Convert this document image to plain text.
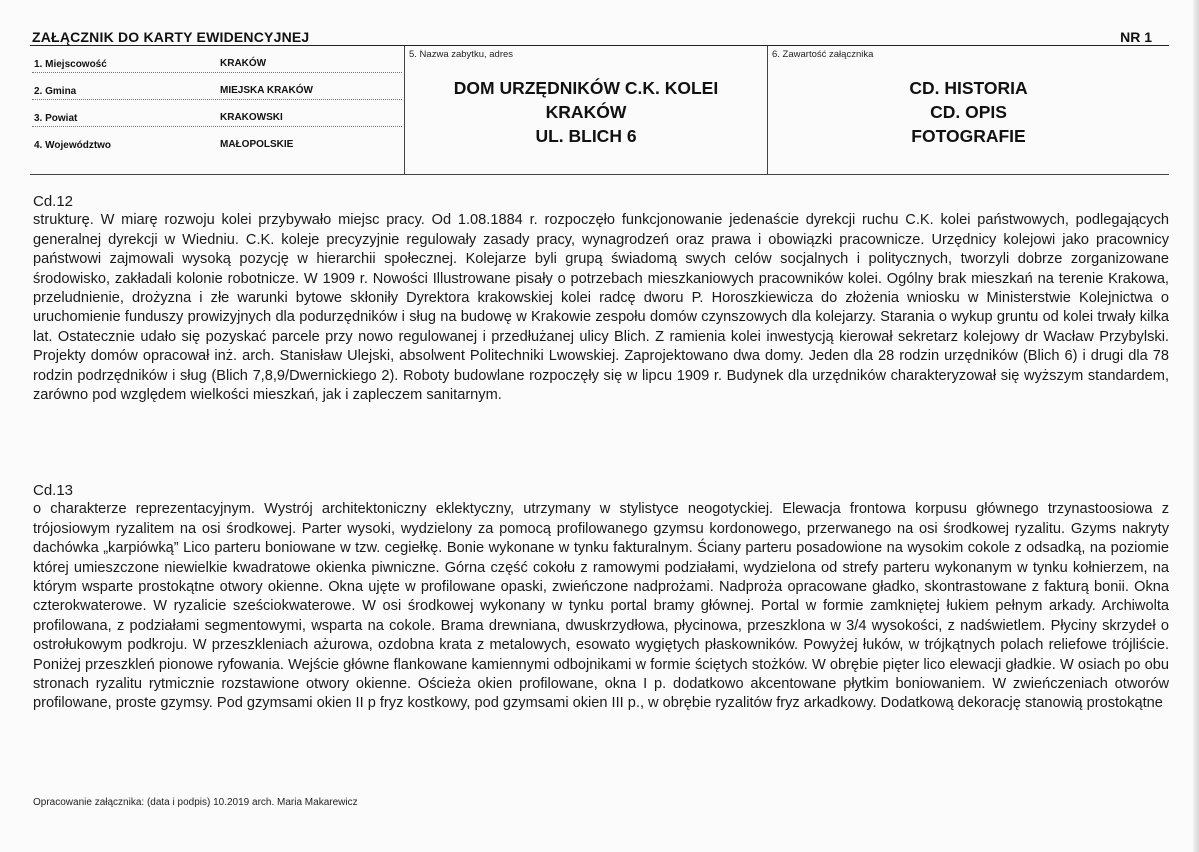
ZAŁĄCZNIK DO KARTY EWIDENCYJNEJ	NR 1
1. Miejscowość	KRAKÓW
2. Gmina	MIEJSKA KRAKÓW
3. Powiat	KRAKOWSKI
4. Województwo	MAŁOPOLSKIE
5. Nazwa zabytku, adres
DOM URZĘDNIKÓW C.K. KOLEI
KRAKÓW
UL. BLICH 6
6. Zawartość załącznika
CD. HISTORIA
CD. OPIS
FOTOGRAFIE
Cd.12
strukturę. W miarę rozwoju kolei przybywało miejsc pracy. Od 1.08.1884 r. rozpoczęło funkcjonowanie jedenaście dyrekcji ruchu C.K. kolei państwowych, podlegających generalnej dyrekcji w Wiedniu. C.K. koleje precyzyjnie regulowały zasady pracy, wynagrodzeń oraz prawa i obowiązki pracownicze. Urzędnicy kolejowi jako pracownicy państwowi zajmowali wysoką pozycję w hierarchii społecznej. Kolejarze byli grupą świadomą swych celów socjalnych i politycznych, tworzyli dobrze zorganizowane środowisko, zakładali kolonie robotnicze. W 1909 r. Nowości Illustrowane pisały o potrzebach mieszkaniowych pracowników kolei. Ogólny brak mieszkań na terenie Krakowa, przeludnienie, drożyzna i złe warunki bytowe skłoniły Dyrektora krakowskiej kolei radcę dworu P. Horoszkiewicza do złożenia wniosku w Ministerstwie Kolejnictwa o uruchomienie funduszy prowizyjnych dla podurzędników i sług na budowę w Krakowie zespołu domów czynszowych dla kolejarzy. Starania o wykup gruntu od kolei trwały kilka lat. Ostatecznie udało się pozyskać parcele przy nowo regulowanej i przedłużanej ulicy Blich. Z ramienia kolei inwestycją kierował sekretarz kolejowy dr Wacław Przybylski. Projekty domów opracował inż. arch. Stanisław Ulejski, absolwent Politechniki Lwowskiej. Zaprojektowano dwa domy. Jeden dla 28 rodzin urzędników (Blich 6) i drugi dla 78 rodzin podrzędników i sług (Blich 7,8,9/Dwernickiego 2). Roboty budowlane rozpoczęły się w lipcu 1909 r. Budynek dla urzędników charakteryzował się wyższym standardem, zarówno pod względem wielkości mieszkań, jak i zapleczem sanitarnym.
Cd.13
o charakterze reprezentacyjnym. Wystrój architektoniczny eklektyczny, utrzymany w stylistyce neogotyckiej. Elewacja frontowa korpusu głównego trzynastoosiowa z trójosiowym ryzalitem na osi środkowej. Parter wysoki, wydzielony za pomocą profilowanego gzymsu kordonowego, przerwanego na osi środkowej ryzalitu. Gzyms nakryty dachówka „karpiówką” Lico parteru boniowane w tzw. cegiełkę. Bonie wykonane w tynku fakturalnym. Ściany parteru posadowione na wysokim cokole z odsadką, na poziomie której umieszczone niewielkie kwadratowe okienka piwniczne. Górna część cokołu z ramowymi podziałami, wydzielona od strefy parteru wykonanym w tynku kołnierzem, na którym wsparte prostokątne otwory okienne. Okna ujęte w profilowane opaski, zwieńczone nadprożami. Nadproża opracowane gładko, skontrastowane z fakturą bonii. Okna czterokwaterowe. W ryzalicie sześciokwaterowe. W osi środkowej wykonany w tynku portal bramy głównej. Portal w formie zamkniętej łukiem pełnym arkady. Archiwolta profilowana, z podziałami segmentowymi, wsparta na cokole. Brama drewniana, dwuskrzydłowa, płycinowa, przeszklona w 3/4 wysokości, z nadświetlem. Płyciny skrzydeł o ostrołukowym podkroju. W przeszkleniach ażurowa, ozdobna krata z metalowych, esowato wygiętych płaskowników. Powyżej łuków, w trójkątnych polach reliefowe trójliście. Poniżej przeszkleń pionowe ryfowania. Wejście główne flankowane kamiennymi odbojnikami w formie ściętych stożków. W obrębie pięter lico elewacji gładkie. W osiach po obu stronach ryzalitu rytmicznie rozstawione otwory okienne. Ościeża okien profilowane, okna I p. dodatkowo akcentowane płytkim boniowaniem. W zwieńczeniach otworów profilowane, proste gzymsy. Pod gzymsami okien II p fryz kostkowy, pod gzymsami okien III p., w obrębie ryzalitów fryz arkadkowy. Dodatkową dekorację stanowią prostokątne
Opracowanie załącznika: (data i podpis) 10.2019 arch. Maria Makarewicz
